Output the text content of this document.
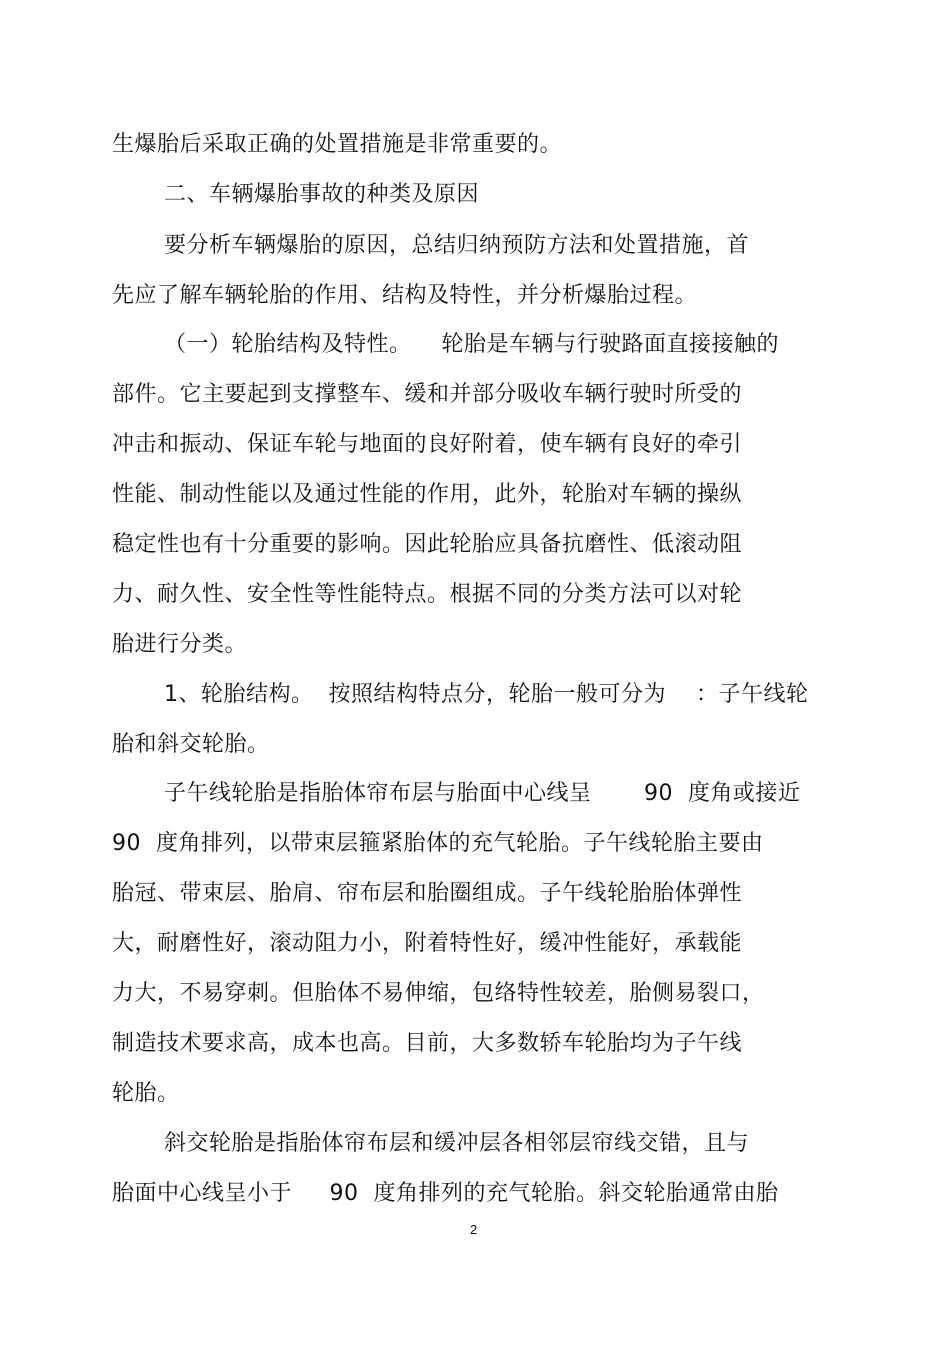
生爆胎后采取正确的处置措施是非常重要的。
二、车辆爆胎事故的种类及原因
要分析车辆爆胎的原因，总结归纳预防方法和处置措施，首
先应了解车辆轮胎的作用、结构及特性，并分析爆胎过程。
（一）轮胎结构及特性。    轮胎是车辆与行驶路面直接接触的
部件。它主要起到支撑整车、缓和并部分吸收车辆行驶时所受的
冲击和振动、保证车轮与地面的良好附着，使车辆有良好的牵引
性能、制动性能以及通过性能的作用，此外，轮胎对车辆的操纵
稳定性也有十分重要的影响。因此轮胎应具备抗磨性、低滚动阻
力、耐久性、安全性等性能特点。根据不同的分类方法可以对轮
胎进行分类。
1、轮胎结构。  按照结构特点分，轮胎一般可分为    ：子午线轮
胎和斜交轮胎。
子午线轮胎是指胎体帘布层与胎面中心线呈       90  度角或接近
90  度角排列，以带束层箍紧胎体的充气轮胎。子午线轮胎主要由
胎冠、带束层、胎肩、帘布层和胎圈组成。子午线轮胎胎体弹性
大，耐磨性好，滚动阻力小，附着特性好，缓冲性能好，承载能
力大，不易穿刺。但胎体不易伸缩，包络特性较差，胎侧易裂口，
制造技术要求高，成本也高。目前，大多数轿车轮胎均为子午线
轮胎。
斜交轮胎是指胎体帘布层和缓冲层各相邻层帘线交错，且与
胎面中心线呈小于     90  度角排列的充气轮胎。斜交轮胎通常由胎
2
